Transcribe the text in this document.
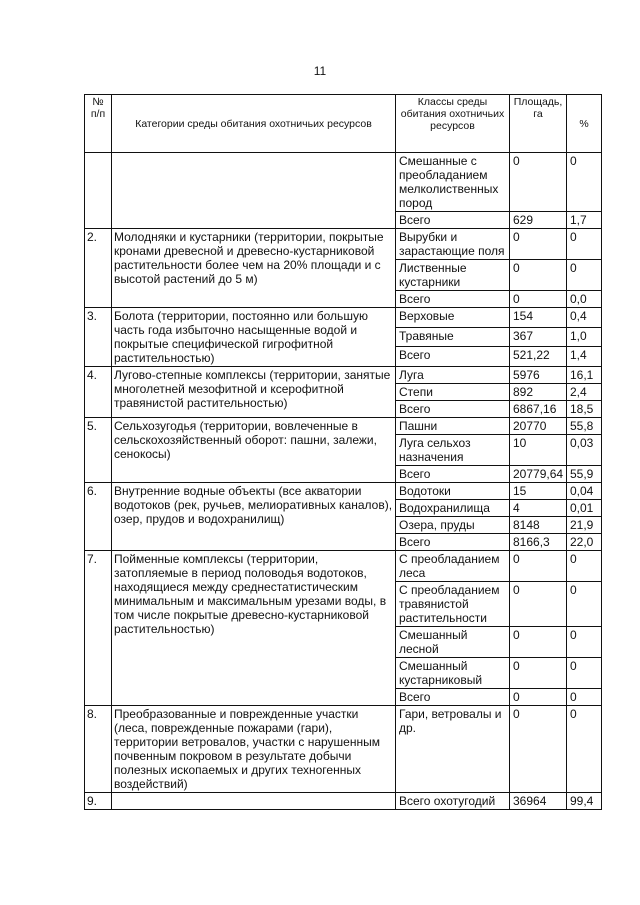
11
№ п/п	Категории среды обитания охотничьих ресурсов	Классы среды обитания охотничьих ресурсов	Площадь, га	%
		Смешанные с преобладанием мелколиственных пород	0	0
		Всего	629	1,7
2.	Молодняки и кустарники (территории, покрытые кронами древесной и древесно-кустарниковой растительности более чем на 20% площади и с высотой растений до 5 м)	Вырубки и зарастающие поля	0	0
		Лиственные кустарники	0	0
		Всего	0	0,0
3.	Болота (территории, постоянно или большую часть года избыточно насыщенные водой и покрытые специфической гигрофитной растительностью)	Верховые	154	0,4
		Травяные	367	1,0
		Всего	521,22	1,4
4.	Лугово-степные комплексы (территории, занятые многолетней мезофитной и ксерофитной травянистой растительностью)	Луга	5976	16,1
		Степи	892	2,4
		Всего	6867,16	18,5
5.	Сельхозугодья (территории, вовлеченные в сельскохозяйственный оборот: пашни, залежи, сенокосы)	Пашни	20770	55,8
		Луга сельхоз назначения	10	0,03
		Всего	20779,64	55,9
6.	Внутренние водные объекты (все акватории водотоков (рек, ручьев, мелиоративных каналов), озер, прудов и водохранилищ)	Водотоки	15	0,04
		Водохранилища	4	0,01
		Озера, пруды	8148	21,9
		Всего	8166,3	22,0
7.	Пойменные комплексы (территории, затопляемые в период половодья водотоков, находящиеся между среднестатистическим минимальным и максимальным урезами воды, в том числе покрытые древесно-кустарниковой растительностью)	С преобладанием леса	0	0
		С преобладанием травянистой растительности	0	0
		Смешанный лесной	0	0
		Смешанный кустарниковый	0	0
		Всего	0	0
8.	Преобразованные и поврежденные участки (леса, поврежденные пожарами (гари), территории ветровалов, участки с нарушенным почвенным покровом в результате добычи полезных ископаемых и других техногенных воздействий)	Гари, ветровалы и др.	0	0
9.		Всего охотугодий	36964	99,4
